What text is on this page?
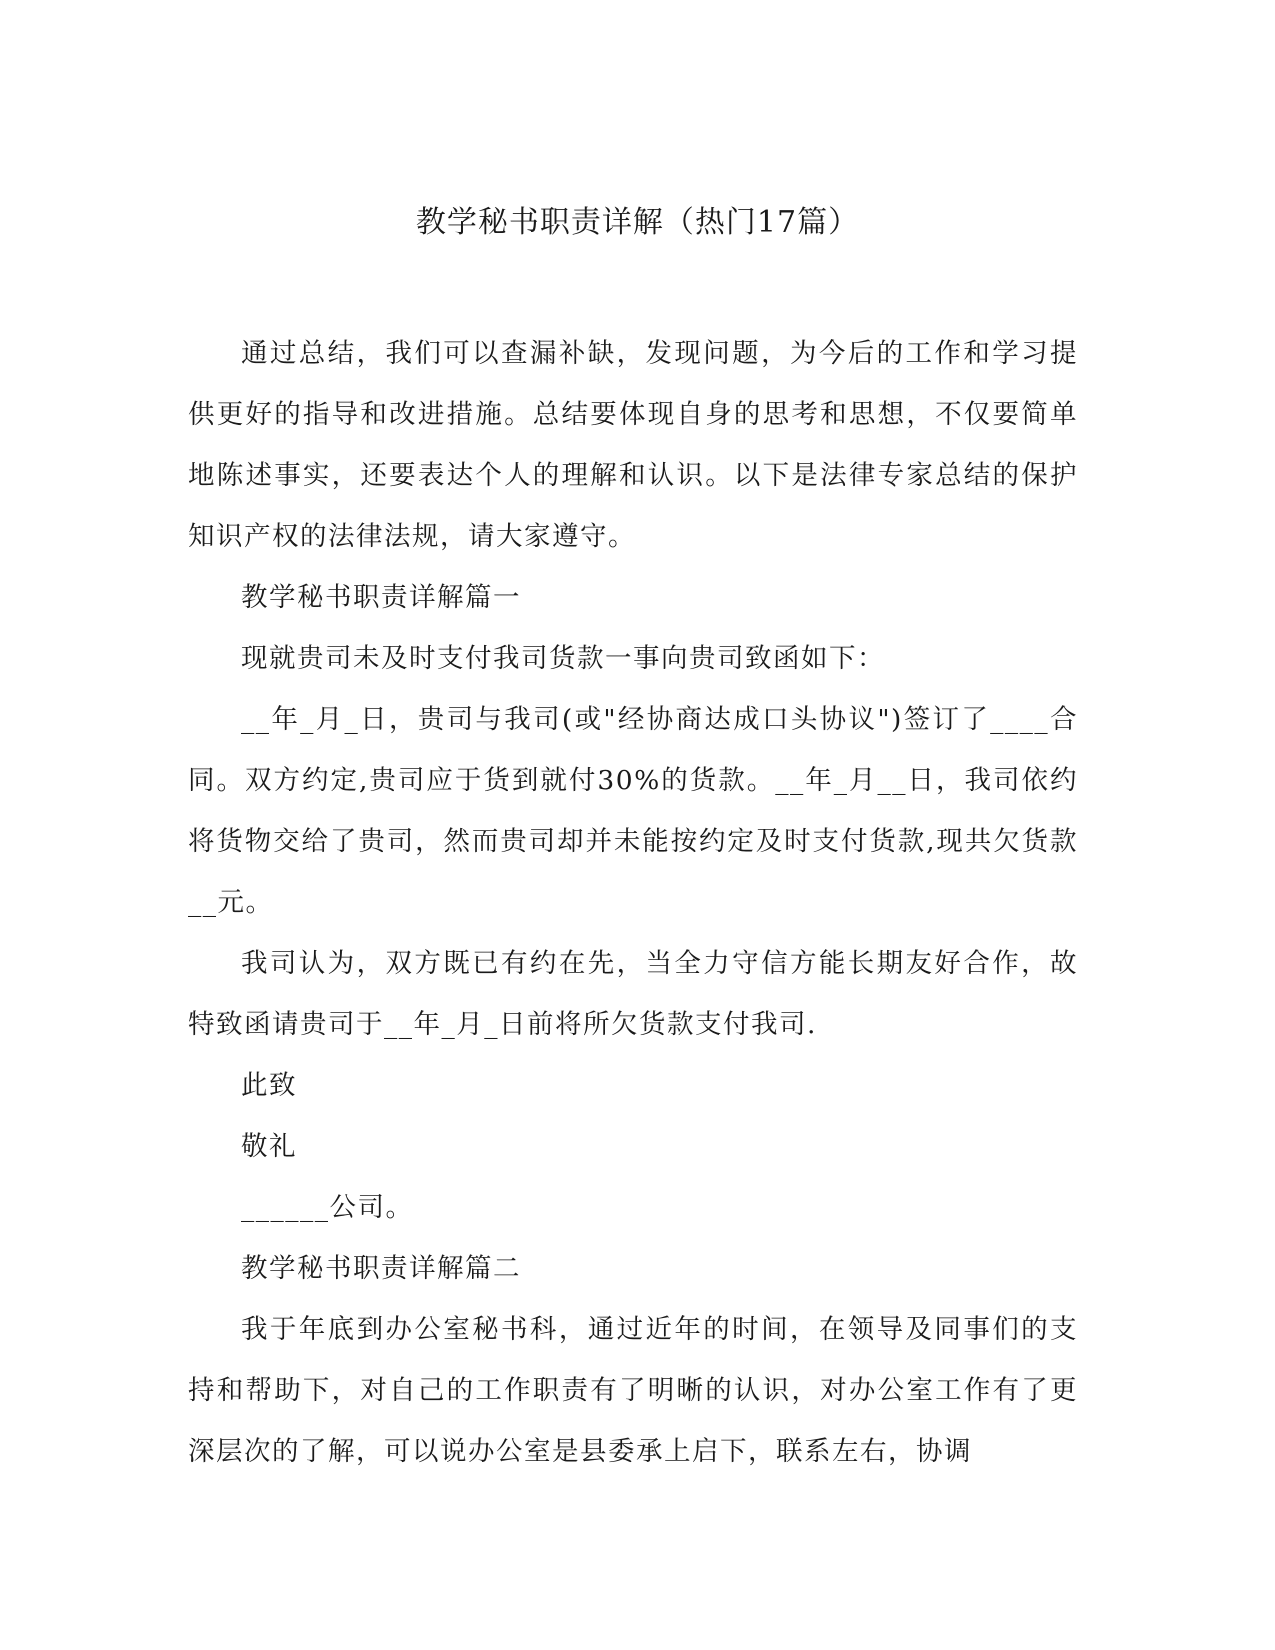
教学秘书职责详解（热门17篇）

通过总结，我们可以查漏补缺，发现问题，为今后的工作和学习提供更好的指导和改进措施。总结要体现自身的思考和思想，不仅要简单地陈述事实，还要表达个人的理解和认识。以下是法律专家总结的保护知识产权的法律法规，请大家遵守。

教学秘书职责详解篇一

现就贵司未及时支付我司货款一事向贵司致函如下：

__年_月_日，贵司与我司(或"经协商达成口头协议")签订了____合同。双方约定,贵司应于货到就付30%的货款。__年_月__日，我司依约将货物交给了贵司，然而贵司却并未能按约定及时支付货款,现共欠货款__元。

我司认为，双方既已有约在先，当全力守信方能长期友好合作，故特致函请贵司于__年_月_日前将所欠货款支付我司.

此致

敬礼

______公司。

教学秘书职责详解篇二

我于年底到办公室秘书科，通过近年的时间，在领导及同事们的支持和帮助下，对自己的工作职责有了明晰的认识，对办公室工作有了更深层次的了解，可以说办公室是县委承上启下，联系左右，协调
